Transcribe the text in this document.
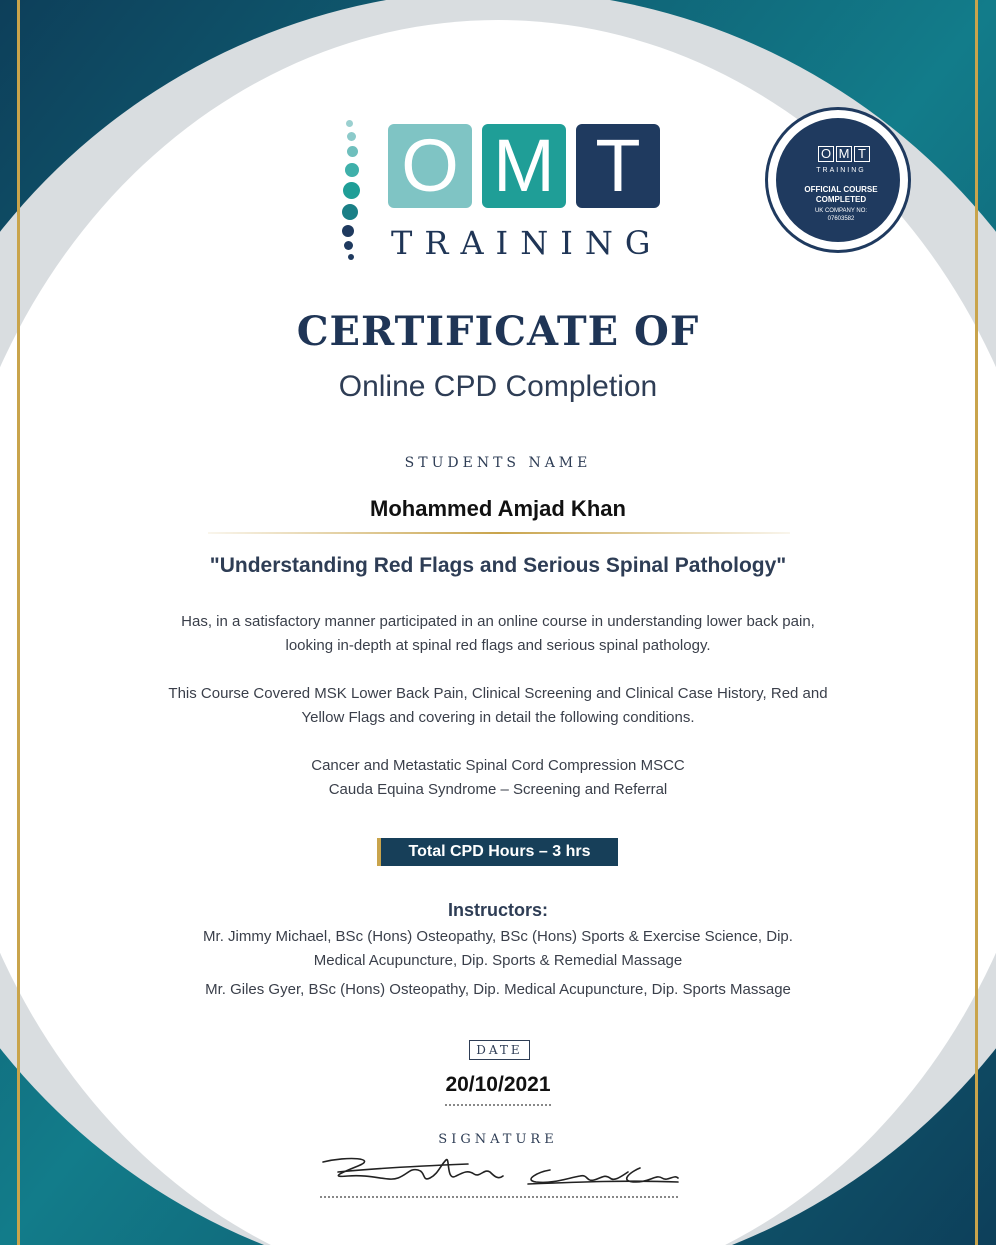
O M T
TRAINING
O M T
TRAINING
OFFICIAL COURSE
COMPLETED
UK COMPANY NO:
07603582
CERTIFICATE OF
Online CPD Completion
STUDENTS NAME
Mohammed Amjad Khan
"Understanding Red Flags and Serious Spinal Pathology"
Has, in a satisfactory manner participated in an online course in understanding lower back pain,
looking in-depth at spinal red flags and serious spinal pathology.
This Course Covered MSK Lower Back Pain, Clinical Screening and Clinical Case History, Red and
Yellow Flags and covering in detail the following conditions.
Cancer and Metastatic Spinal Cord Compression MSCC
Cauda Equina Syndrome – Screening and Referral
Total CPD Hours – 3 hrs
Instructors:
Mr. Jimmy Michael, BSc (Hons) Osteopathy, BSc (Hons) Sports & Exercise Science, Dip.
Medical Acupuncture, Dip. Sports & Remedial Massage
Mr. Giles Gyer, BSc (Hons) Osteopathy, Dip. Medical Acupuncture, Dip. Sports Massage
DATE
20/10/2021
SIGNATURE
